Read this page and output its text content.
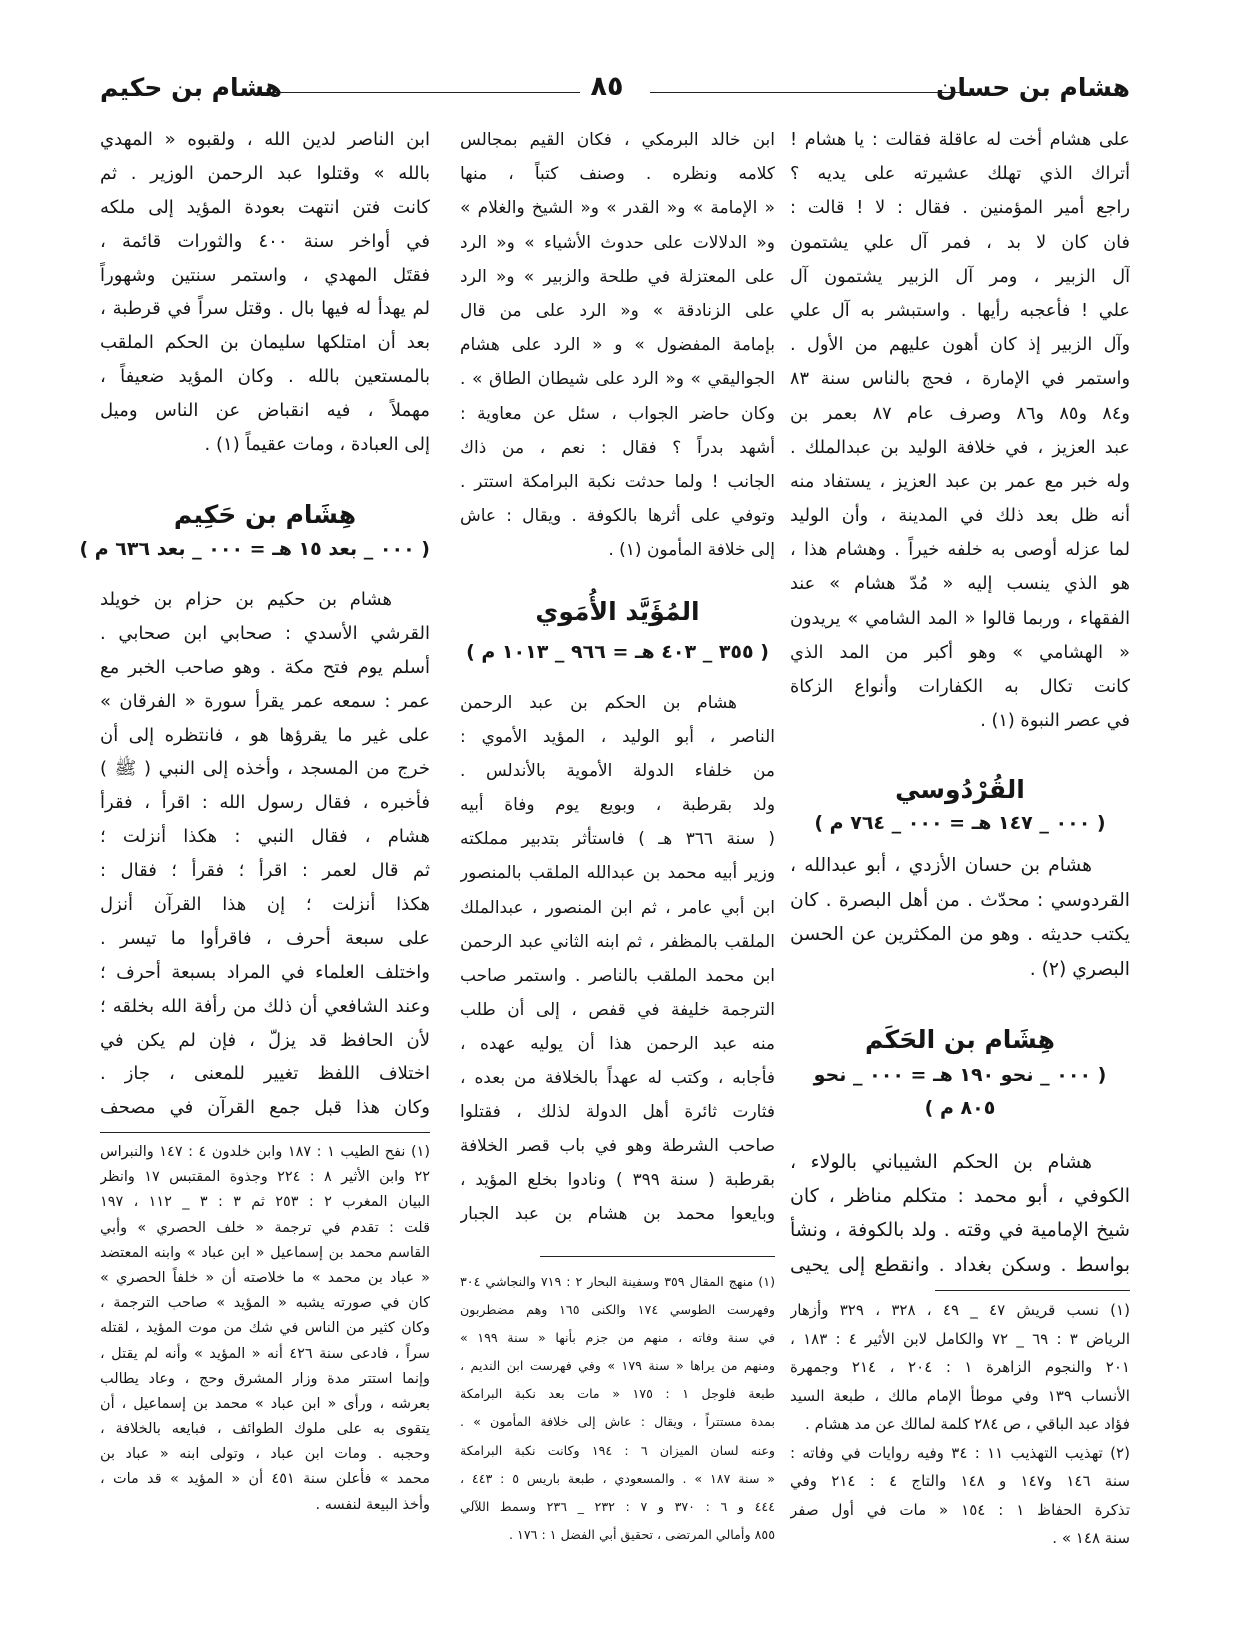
هشام بن حسان
٨٥
هشام بن حكيم
على هشام أخت له عاقلة فقالت : يا هشام !
أتراك الذي تهلك عشيرته على يديه ؟
راجع أمير المؤمنين . فقال : لا ! قالت :
فان كان لا بد ، فمر آل علي يشتمون
آل الزبير ، ومر آل الزبير يشتمون آل
علي ! فأعجبه رأيها . واستبشر به آل علي
وآل الزبير إذ كان أهون عليهم من الأول .
واستمر في الإمارة ، فحج بالناس سنة ٨٣
و٨٤ و٨٥ و٨٦ وصرف عام ٨٧ بعمر بن
عبد العزيز ، في خلافة الوليد بن عبدالملك .
وله خبر مع عمر بن عبد العزيز ، يستفاد منه
أنه ظل بعد ذلك في المدينة ، وأن الوليد
لما عزله أوصى به خلفه خيراً . وهشام هذا ،
هو الذي ينسب إليه « مُدّ هشام » عند
الفقهاء ، وربما قالوا « المد الشامي » يريدون
« الهشامي » وهو أكبر من المد الذي
كانت تكال به الكفارات وأنواع الزكاة
في عصر النبوة (١) .
القُرْدُوسي
( ٠٠٠ _ ١٤٧ هـ = ٠٠٠ _ ٧٦٤ م )
هشام بن حسان الأزدي ، أبو عبدالله ،
القردوسي : محدّث . من أهل البصرة . كان
يكتب حديثه . وهو من المكثرين عن الحسن
البصري (٢) .
هِشَام بن الحَكَم
( ٠٠٠ _ نحو ١٩٠ هـ = ٠٠٠ _ نحو
٨٠٥ م )
هشام بن الحكم الشيباني بالولاء ،
الكوفي ، أبو محمد : متكلم مناظر ، كان
شيخ الإمامية في وقته . ولد بالكوفة ، ونشأ
بواسط . وسكن بغداد . وانقطع إلى يحيى
(١) نسب قريش ٤٧ _ ٤٩ ، ٣٢٨ ، ٣٢٩ وأزهار
الرياض ٣ : ٦٩ _ ٧٢ والكامل لابن الأثير ٤ : ١٨٣ ،
٢٠١ والنجوم الزاهرة ١ : ٢٠٤ ، ٢١٤ وجمهرة
الأنساب ١٣٩ وفي موطأ الإمام مالك ، طبعة السيد
فؤاد عبد الباقي ، ص ٢٨٤ كلمة لمالك عن مد هشام .
(٢) تهذيب التهذيب ١١ : ٣٤ وفيه روايات في وفاته :
سنة ١٤٦ و١٤٧ و ١٤٨ والتاج ٤ : ٢١٤ وفي
تذكرة الحفاظ ١ : ١٥٤ « مات في أول صفر
سنة ١٤٨ » .
ابن خالد البرمكي ، فكان القيم بمجالس
كلامه ونظره . وصنف كتباً ، منها
« الإمامة » و« القدر » و« الشيخ والغلام »
و« الدلالات على حدوث الأشياء » و« الرد
على المعتزلة في طلحة والزبير » و« الرد
على الزنادقة » و« الرد على من قال
بإمامة المفضول » و « الرد على هشام
الجواليقي » و« الرد على شيطان الطاق » .
وكان حاضر الجواب ، سئل عن معاوية :
أشهد بدراً ؟ فقال : نعم ، من ذاك
الجانب ! ولما حدثت نكبة البرامكة استتر .
وتوفي على أثرها بالكوفة . ويقال : عاش
إلى خلافة المأمون (١) .
المُؤَيَّد الأُمَوي
( ٣٥٥ _ ٤٠٣ هـ = ٩٦٦ _ ١٠١٣ م )
هشام بن الحكم بن عبد الرحمن
الناصر ، أبو الوليد ، المؤيد الأموي :
من خلفاء الدولة الأموية بالأندلس .
ولد بقرطبة ، وبويع يوم وفاة أبيه
( سنة ٣٦٦ هـ ) فاستأثر بتدبير مملكته
وزير أبيه محمد بن عبدالله الملقب بالمنصور
ابن أبي عامر ، ثم ابن المنصور ، عبدالملك
الملقب بالمظفر ، ثم ابنه الثاني عبد الرحمن
ابن محمد الملقب بالناصر . واستمر صاحب
الترجمة خليفة في قفص ، إلى أن طلب
منه عبد الرحمن هذا أن يوليه عهده ،
فأجابه ، وكتب له عهداً بالخلافة من بعده ،
فثارت ثائرة أهل الدولة لذلك ، فقتلوا
صاحب الشرطة وهو في باب قصر الخلافة
بقرطبة ( سنة ٣٩٩ ) ونادوا بخلع المؤيد ،
وبايعوا محمد بن هشام بن عبد الجبار
(١) منهج المقال ٣٥٩ وسفينة البحار ٢ : ٧١٩ والنجاشي ٣٠٤
وفهرست الطوسي ١٧٤ والكنى ١٦٥ وهم مضطربون
في سنة وفاته ، منهم من جزم بأنها « سنة ١٩٩ »
ومنهم من يراها « سنة ١٧٩ » وفي فهرست ابن النديم ،
طبعة فلوجل ١ : ١٧٥ « مات بعد نكبة البرامكة
بمدة مستتراً ، ويقال : عاش إلى خلافة المأمون » .
وعنه لسان الميزان ٦ : ١٩٤ وكانت نكبة البرامكة
« سنة ١٨٧ » . والمسعودي ، طبعة باريس ٥ : ٤٤٣ ،
٤٤٤ و ٦ : ٣٧٠ و ٧ : ٢٣٢ _ ٢٣٦ وسمط اللآلي
٨٥٥ وأمالي المرتضى ، تحقيق أبي الفضل ١ : ١٧٦ .
ابن الناصر لدين الله ، ولقبوه « المهدي
بالله » وقتلوا عبد الرحمن الوزير . ثم
كانت فتن انتهت بعودة المؤيد إلى ملكه
في أواخر سنة ٤٠٠ والثورات قائمة ،
فقتَل المهدي ، واستمر سنتين وشهوراً
لم يهدأ له فيها بال . وقتل سراً في قرطبة ،
بعد أن امتلكها سليمان بن الحكم الملقب
بالمستعين بالله . وكان المؤيد ضعيفاً ،
مهملاً ، فيه انقباض عن الناس وميل
إلى العبادة ، ومات عقيماً (١) .
هِشَام بن حَكِيم
( ٠٠٠ _ بعد ١٥ هـ = ٠٠٠ _ بعد ٦٣٦ م )
هشام بن حكيم بن حزام بن خويلد
القرشي الأسدي : صحابي ابن صحابي .
أسلم يوم فتح مكة . وهو صاحب الخبر مع
عمر : سمعه عمر يقرأ سورة « الفرقان »
على غير ما يقرؤها هو ، فانتظره إلى أن
خرج من المسجد ، وأخذه إلى النبي ( ﷺ )
فأخبره ، فقال رسول الله : اقرأ ، فقرأ
هشام ، فقال النبي : هكذا أنزلت ؛
ثم قال لعمر : اقرأ ؛ فقرأ ؛ فقال :
هكذا أنزلت ؛ إن هذا القرآن أنزل
على سبعة أحرف ، فاقرأوا ما تيسر .
واختلف العلماء في المراد بسبعة أحرف ؛
وعند الشافعي أن ذلك من رأفة الله بخلقه ؛
لأن الحافظ قد يزلّ ، فإن لم يكن في
اختلاف اللفظ تغيير للمعنى ، جاز .
وكان هذا قبل جمع القرآن في مصحف
(١) نفح الطيب ١ : ١٨٧ وابن خلدون ٤ : ١٤٧ والنبراس
٢٢ وابن الأثير ٨ : ٢٢٤ وجذوة المقتبس ١٧ وانظر
البيان المغرب ٢ : ٢٥٣ ثم ٣ : ٣ _ ١١٢ ، ١٩٧
قلت : تقدم في ترجمة « خلف الحصري » وأبي
القاسم محمد بن إسماعيل « ابن عباد » وابنه المعتضد
« عباد بن محمد » ما خلاصته أن « خلفاً الحصري »
كان في صورته يشبه « المؤيد » صاحب الترجمة ،
وكان كثير من الناس في شك من موت المؤيد ، لقتله
سراً ، فادعى سنة ٤٢٦ أنه « المؤيد » وأنه لم يقتل ،
وإنما استتر مدة وزار المشرق وحج ، وعاد يطالب
بعرشه ، ورأى « ابن عباد » محمد بن إسماعيل ، أن
يتقوى به على ملوك الطوائف ، فبايعه بالخلافة ،
وحجبه . ومات ابن عباد ، وتولى ابنه « عباد بن
محمد » فأعلن سنة ٤٥١ أن « المؤيد » قد مات ،
وأخذ البيعة لنفسه .
